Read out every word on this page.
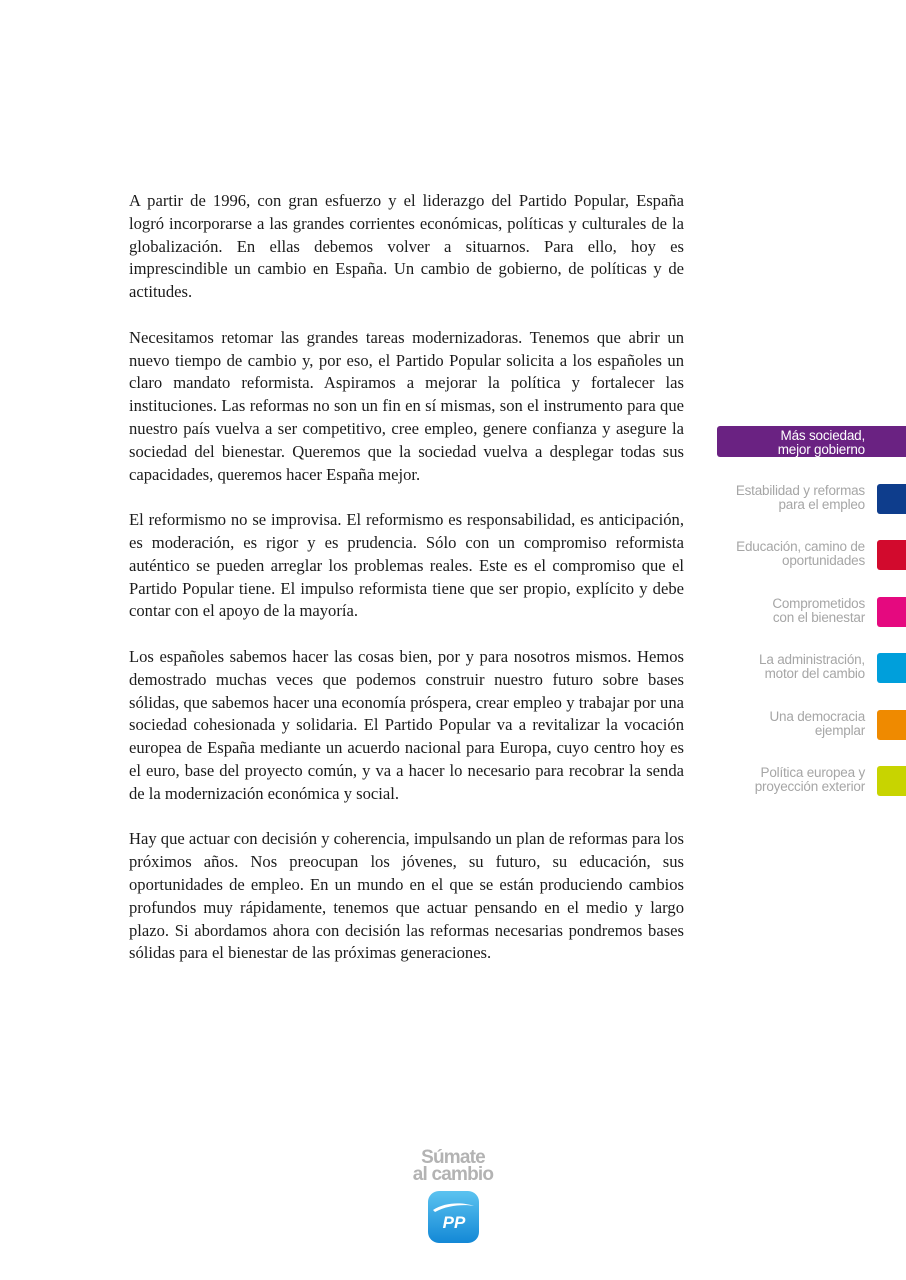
A partir de 1996, con gran esfuerzo y el liderazgo del Partido Popular, España logró incorporarse a las grandes corrientes económicas, políticas y culturales de la globalización. En ellas debemos volver a situarnos. Para ello, hoy es imprescindible un cambio en España. Un cambio de gobierno, de políticas y de actitudes.

Necesitamos retomar las grandes tareas modernizadoras. Tenemos que abrir un nuevo tiempo de cambio y, por eso, el Partido Popular solicita a los españoles un claro mandato reformista. Aspiramos a mejorar la política y fortalecer las instituciones. Las reformas no son un fin en sí mismas, son el instrumento para que nuestro país vuelva a ser competitivo, cree empleo, genere confianza y asegure la sociedad del bienestar. Queremos que la sociedad vuelva a desplegar todas sus capacidades, queremos hacer España mejor.

El reformismo no se improvisa. El reformismo es responsabilidad, es anticipación, es moderación, es rigor y es prudencia. Sólo con un compromiso reformista auténtico se pueden arreglar los problemas reales. Este es el compromiso que el Partido Popular tiene. El impulso reformista tiene que ser propio, explícito y debe contar con el apoyo de la mayoría.

Los españoles sabemos hacer las cosas bien, por y para nosotros mismos. Hemos demostrado muchas veces que podemos construir nuestro futuro sobre bases sólidas, que sabemos hacer una economía próspera, crear empleo y trabajar por una sociedad cohesionada y solidaria. El Partido Popular va a revitalizar la vocación europea de España mediante un acuerdo nacional para Europa, cuyo centro hoy es el euro, base del proyecto común, y va a hacer lo necesario para recobrar la senda de la modernización económica y social.

Hay que actuar con decisión y coherencia, impulsando un plan de reformas para los próximos años. Nos preocupan los jóvenes, su futuro, su educación, sus oportunidades de empleo. En un mundo en el que se están produciendo cambios profundos muy rápidamente, tenemos que actuar pensando en el medio y largo plazo. Si abordamos ahora con decisión las reformas necesarias pondremos bases sólidas para el bienestar de las próximas generaciones.

Más sociedad,
mejor gobierno
Estabilidad y reformas
para el empleo
Educación, camino de
oportunidades
Comprometidos
con el bienestar
La administración,
motor del cambio
Una democracia
ejemplar
Política europea y
proyección exterior
Súmate
al cambio
PP
